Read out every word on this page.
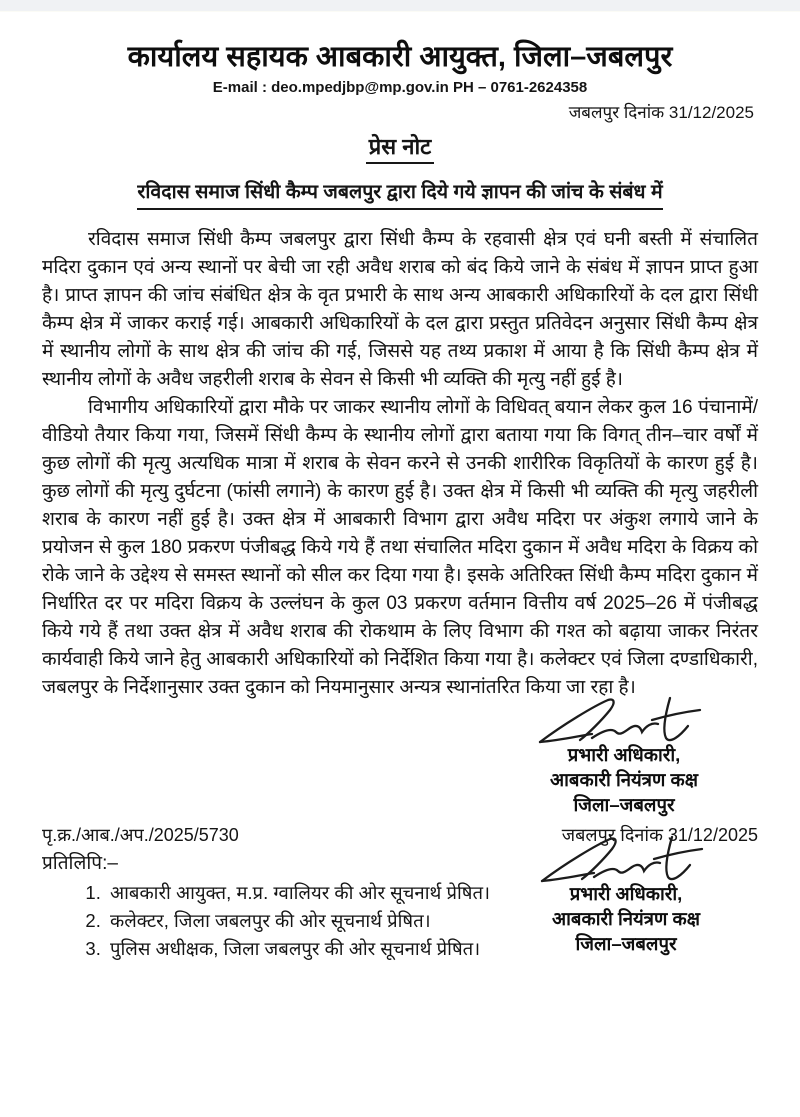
कार्यालय सहायक आबकारी आयुक्त, जिला–जबलपुर
E-mail : deo.mpedjbp@mp.gov.in PH – 0761-2624358
जबलपुर दिनांक 31/12/2025
प्रेस नोट
रविदास समाज सिंधी कैम्प जबलपुर द्वारा दिये गये ज्ञापन की जांच के संबंध में

रविदास समाज सिंधी कैम्प जबलपुर द्वारा सिंधी कैम्प के रहवासी क्षेत्र एवं घनी बस्ती में संचालित मदिरा दुकान एवं अन्य स्थानों पर बेची जा रही अवैध शराब को बंद किये जाने के संबंध में ज्ञापन प्राप्त हुआ है। प्राप्त ज्ञापन की जांच संबंधित क्षेत्र के वृत प्रभारी के साथ अन्य आबकारी अधिकारियों के दल द्वारा सिंधी कैम्प क्षेत्र में जाकर कराई गई। आबकारी अधिकारियों के दल द्वारा प्रस्तुत प्रतिवेदन अनुसार सिंधी कैम्प क्षेत्र में स्थानीय लोगों के साथ क्षेत्र की जांच की गई, जिससे यह तथ्य प्रकाश में आया है कि सिंधी कैम्प क्षेत्र में स्थानीय लोगों के अवैध जहरीली शराब के सेवन से किसी भी व्यक्ति की मृत्यु नहीं हुई है।

विभागीय अधिकारियों द्वारा मौके पर जाकर स्थानीय लोगों के विधिवत् बयान लेकर कुल 16 पंचानामें/वीडियो तैयार किया गया, जिसमें सिंधी कैम्प के स्थानीय लोगों द्वारा बताया गया कि विगत् तीन–चार वर्षों में कुछ लोगों की मृत्यु अत्यधिक मात्रा में शराब के सेवन करने से उनकी शारीरिक विकृतियों के कारण हुई है। कुछ लोगों की मृत्यु दुर्घटना (फांसी लगाने) के कारण हुई है। उक्त क्षेत्र में किसी भी व्यक्ति की मृत्यु जहरीली शराब के कारण नहीं हुई है। उक्त क्षेत्र में आबकारी विभाग द्वारा अवैध मदिरा पर अंकुश लगाये जाने के प्रयोजन से कुल 180 प्रकरण पंजीबद्ध किये गये हैं तथा संचालित मदिरा दुकान में अवैध मदिरा के विक्रय को रोके जाने के उद्देश्य से समस्त स्थानों को सील कर दिया गया है। इसके अतिरिक्त सिंधी कैम्प मदिरा दुकान में निर्धारित दर पर मदिरा विक्रय के उल्लंघन के कुल 03 प्रकरण वर्तमान वित्तीय वर्ष 2025–26 में पंजीबद्ध किये गये हैं तथा उक्त क्षेत्र में अवैध शराब की रोकथाम के लिए विभाग की गश्त को बढ़ाया जाकर निरंतर कार्यवाही किये जाने हेतु आबकारी अधिकारियों को निर्देशित किया गया है। कलेक्टर एवं जिला दण्डाधिकारी, जबलपुर के निर्देशानुसार उक्त दुकान को नियमानुसार अन्यत्र स्थानांतरित किया जा रहा है।

प्रभारी अधिकारी,
आबकारी नियंत्रण कक्ष
जिला–जबलपुर
पृ.क्र./आब./अप./2025/5730	जबलपुर दिनांक 31/12/2025
प्रतिलिपि:–
1. आबकारी आयुक्त, म.प्र. ग्वालियर की ओर सूचनार्थ प्रेषित।
2. कलेक्टर, जिला जबलपुर की ओर सूचनार्थ प्रेषित।
3. पुलिस अधीक्षक, जिला जबलपुर की ओर सूचनार्थ प्रेषित।
प्रभारी अधिकारी,
आबकारी नियंत्रण कक्ष
जिला–जबलपुर
